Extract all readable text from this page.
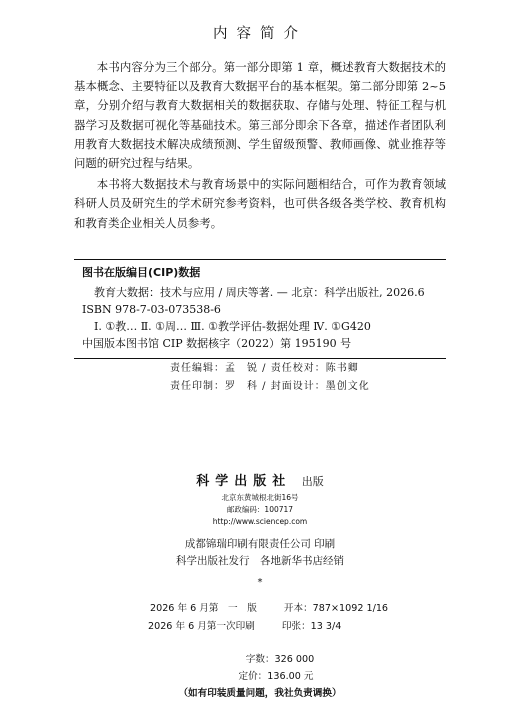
内容简介

本书内容分为三个部分。第一部分即第 1 章，概述教育大数据技术的基本概念、主要特征以及教育大数据平台的基本框架。第二部分即第 2~5 章，分别介绍与教育大数据相关的数据获取、存储与处理、特征工程与机器学习及数据可视化等基础技术。第三部分即余下各章，描述作者团队利用教育大数据技术解决成绩预测、学生留级预警、教师画像、就业推荐等问题的研究过程与结果。

本书将大数据技术与教育场景中的实际问题相结合，可作为教育领域科研人员及研究生的学术研究参考资料，也可供各级各类学校、教育机构和教育类企业相关人员参考。

图书在版编目(CIP)数据
教育大数据：技术与应用 / 周庆等著. — 北京：科学出版社, 2026.6
ISBN 978-7-03-073538-6
Ⅰ. ①教… Ⅱ. ①周… Ⅲ. ①教学评估-数据处理 Ⅳ. ①G420
中国版本图书馆 CIP 数据核字（2022）第 195190 号
责任编辑：孟　锐 / 责任校对：陈书卿
责任印制：罗　科 / 封面设计：墨创文化
科学出版社 出版
北京东黄城根北街16号
邮政编码：100717
http://www.sciencep.com
成都锦瑞印刷有限责任公司 印刷
科学出版社发行　各地新华书店经销
*
2026 年 6 月第　一　版	开本：787×1092 1/16
2026 年 6 月第一次印刷	印张：13 3/4
字数：326 000
定价：136.00 元
（如有印装质量问题，我社负责调换）
